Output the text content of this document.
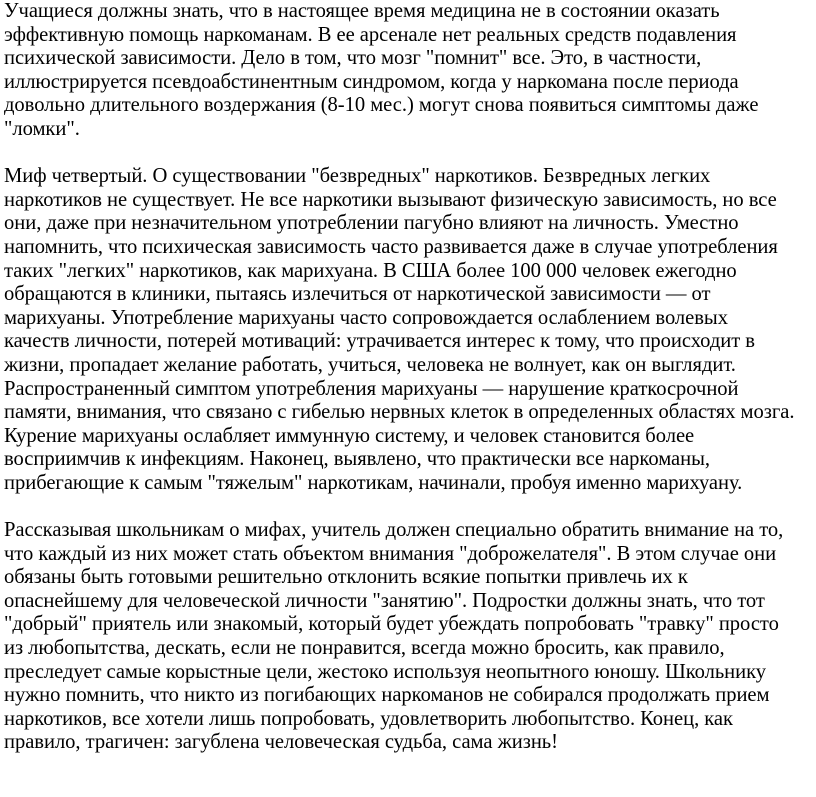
Учащиеся должны знать, что в настоящее время медицина не в состоянии оказать
эффективную помощь наркоманам. В ее арсенале нет реальных средств подавления
психической зависимости. Дело в том, что мозг "помнит" все. Это, в частности,
иллюстрируется псевдоабстинентным синдромом, когда у наркомана после периода
довольно длительного воздержания (8-10 мес.) могут снова появиться симптомы даже
"ломки".

Миф четвертый. О существовании "безвредных" наркотиков. Безвредных легких
наркотиков не существует. Не все наркотики вызывают физическую зависимость, но все
они, даже при незначительном употреблении пагубно влияют на личность. Уместно
напомнить, что психическая зависимость часто развивается даже в случае употребления
таких "легких" наркотиков, как марихуана. В США более 100 000 человек ежегодно
обращаются в клиники, пытаясь излечиться от наркотической зависимости — от
марихуаны. Употребление марихуаны часто сопровождается ослаблением волевых
качеств личности, потерей мотиваций: утрачивается интерес к тому, что происходит в
жизни, пропадает желание работать, учиться, человека не волнует, как он выглядит.
Распространенный симптом употребления марихуаны — нарушение краткосрочной
памяти, внимания, что связано с гибелью нервных клеток в определенных областях мозга.
Курение марихуаны ослабляет иммунную систему, и человек становится более
восприимчив к инфекциям. Наконец, выявлено, что практически все наркоманы,
прибегающие к самым "тяжелым" наркотикам, начинали, пробуя именно марихуану.

Рассказывая школьникам о мифах, учитель должен специально обратить внимание на то,
что каждый из них может стать объектом внимания "доброжелателя". В этом случае они
обязаны быть готовыми решительно отклонить всякие попытки привлечь их к
опаснейшему для человеческой личности "занятию". Подростки должны знать, что тот
"добрый" приятель или знакомый, который будет убеждать попробовать "травку" просто
из любопытства, дескать, если не понравится, всегда можно бросить, как правило,
преследует самые корыстные цели, жестоко используя неопытного юношу. Школьнику
нужно помнить, что никто из погибающих наркоманов не собирался продолжать прием
наркотиков, все хотели лишь попробовать, удовлетворить любопытство. Конец, как
правило, трагичен: загублена человеческая судьба, сама жизнь!
